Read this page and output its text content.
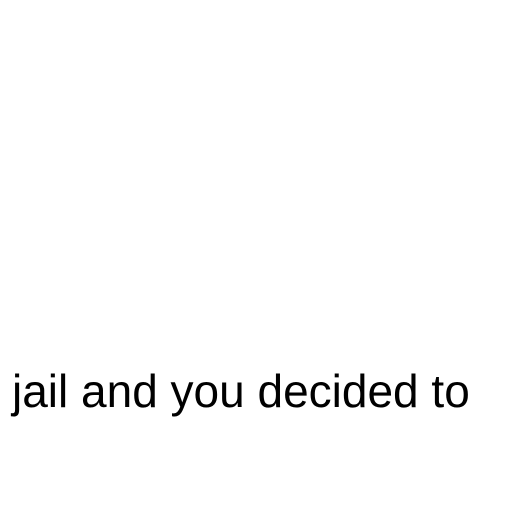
jail and you decided to
